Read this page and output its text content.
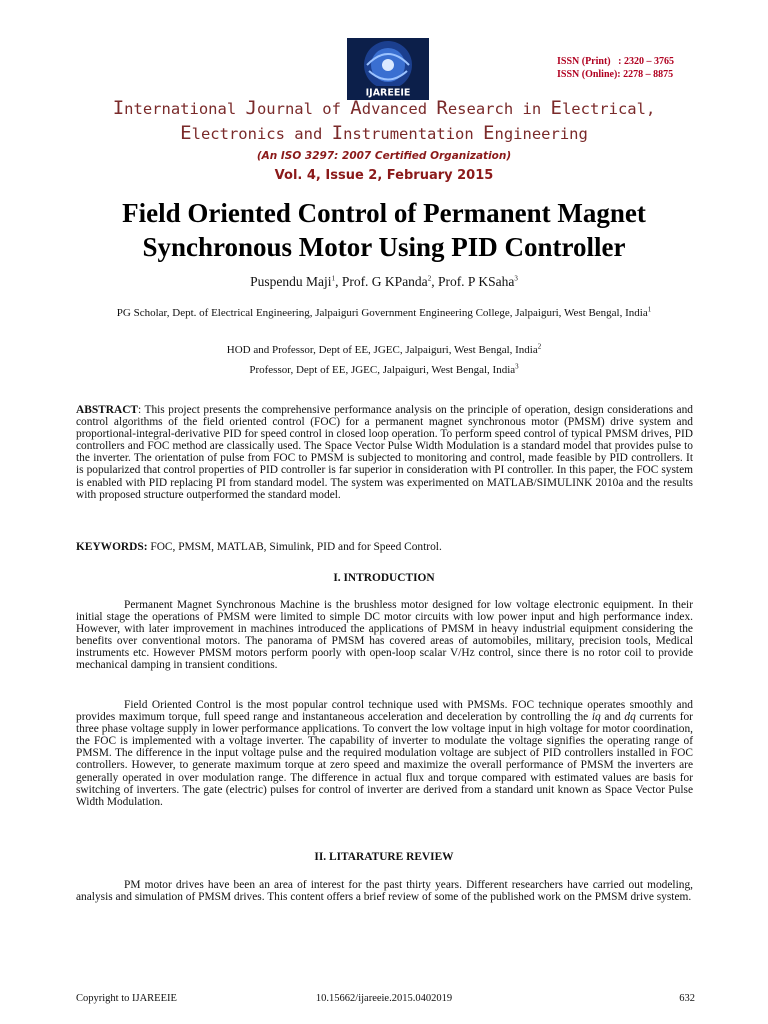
IJAREEIE
ISSN (Print)   : 2320 – 3765
ISSN (Online): 2278 – 8875
International Journal of Advanced Research in Electrical,
Electronics and Instrumentation Engineering
(An ISO 3297: 2007 Certified Organization)
Vol. 4, Issue 2, February 2015
Field Oriented Control of Permanent Magnet
Synchronous Motor Using PID Controller
Puspendu Maji$^1$, Prof. G KPanda$^2$, Prof. P KSaha$^3$
PG Scholar, Dept. of Electrical Engineering, Jalpaiguri Government Engineering College, Jalpaiguri, West Bengal, India$^1$
HOD and Professor, Dept of EE, JGEC, Jalpaiguri, West Bengal, India$^2$
Professor, Dept of EE, JGEC, Jalpaiguri, West Bengal, India$^3$
ABSTRACT: This project presents the comprehensive performance analysis on the principle of operation, design considerations and control algorithms of the field oriented control (FOC) for a permanent magnet synchronous motor (PMSM) drive system and proportional-integral-derivative PID for speed control in closed loop operation. To perform speed control of typical PMSM drives, PID controllers and FOC method are classically used. The Space Vector Pulse Width Modulation is a standard model that provides pulse to the inverter. The orientation of pulse from FOC to PMSM is subjected to monitoring and control, made feasible by PID controllers. It is popularized that control properties of PID controller is far superior in consideration with PI controller. In this paper, the FOC system is enabled with PID replacing PI from standard model. The system was experimented on MATLAB/SIMULINK 2010a and the results with proposed structure outperformed the standard model.
KEYWORDS: FOC, PMSM, MATLAB, Simulink, PID and for Speed Control.
I. INTRODUCTION
Permanent Magnet Synchronous Machine is the brushless motor designed for low voltage electronic equipment. In their initial stage the operations of PMSM were limited to simple DC motor circuits with low power input and high performance index. However, with later improvement in machines introduced the applications of PMSM in heavy industrial equipment considering the benefits over conventional motors. The panorama of PMSM has covered areas of automobiles, military, precision tools, Medical instruments etc. However PMSM motors perform poorly with open-loop scalar V/Hz control, since there is no rotor coil to provide mechanical damping in transient conditions.
Field Oriented Control is the most popular control technique used with PMSMs. FOC technique operates smoothly and provides maximum torque, full speed range and instantaneous acceleration and deceleration by controlling the iq and dq currents for three phase voltage supply in lower performance applications. To convert the low voltage input in high voltage for motor coordination, the FOC is implemented with a voltage inverter. The capability of inverter to modulate the voltage signifies the operating range of PMSM. The difference in the input voltage pulse and the required modulation voltage are subject of PID controllers installed in FOC controllers. However, to generate maximum torque at zero speed and maximize the overall performance of PMSM the inverters are generally operated in over modulation range. The difference in actual flux and torque compared with estimated values are basis for switching of inverters. The gate (electric) pulses for control of inverter are derived from a standard unit known as Space Vector Pulse Width Modulation.
II. LITARATURE REVIEW
PM motor drives have been an area of interest for the past thirty years. Different researchers have carried out modeling, analysis and simulation of PMSM drives. This content offers a brief review of some of the published work on the PMSM drive system.
Copyright to IJAREEIE	10.15662/ijareeie.2015.0402019	632
